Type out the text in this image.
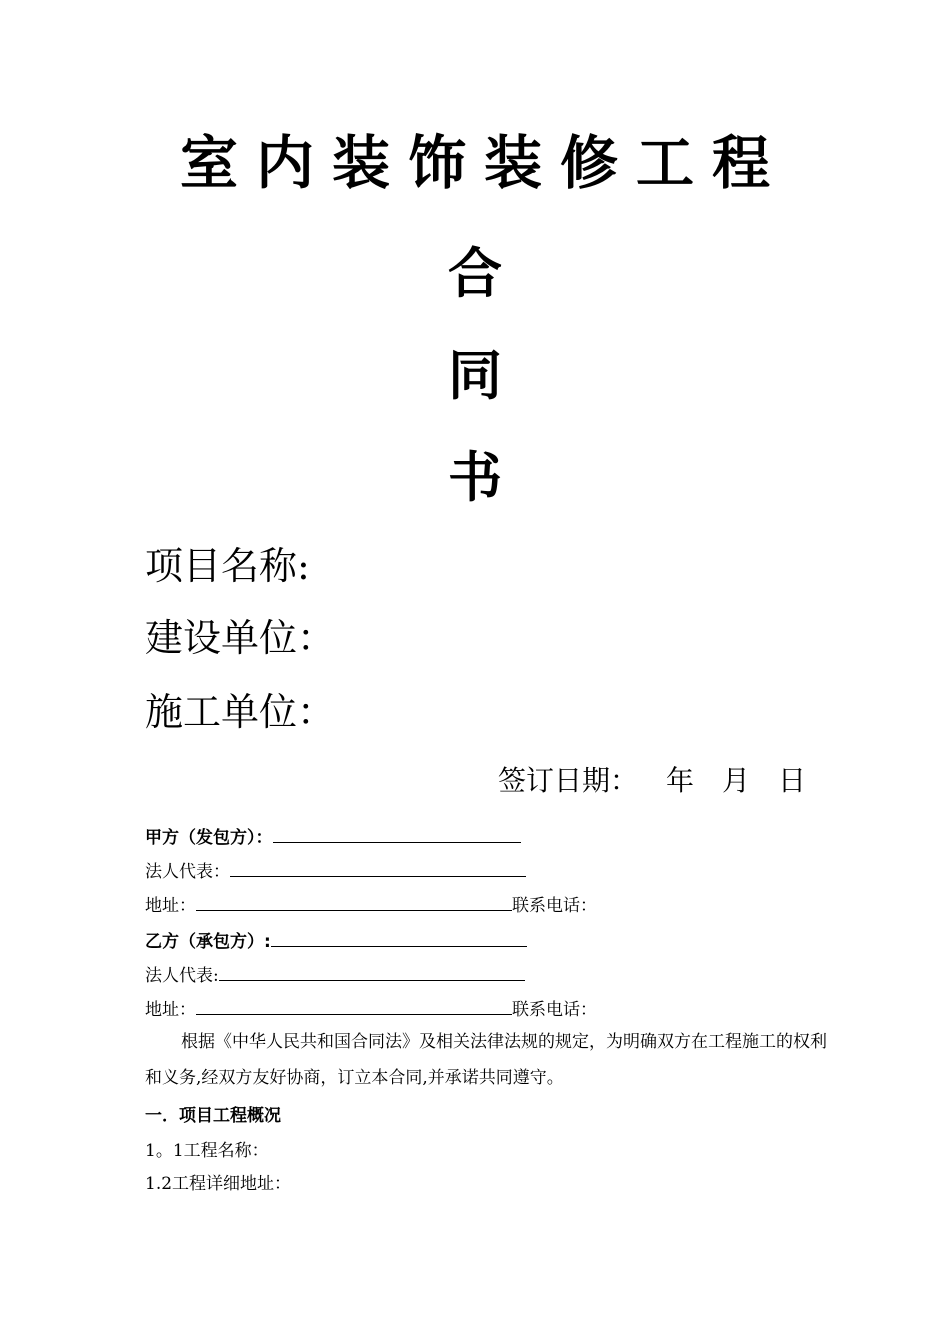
室内装饰装修工程
合
同
书
项目名称:
建设单位：
施工单位：
签订日期： 年 月 日
甲方（发包方）：
法人代表：
地址：	联系电话：
乙方（承包方）:
法人代表:
地址：	联系电话：
根据《中华人民共和国合同法》及相关法律法规的规定，为明确双方在工程施工的权利和义务,经双方友好协商，订立本合同,并承诺共同遵守。
一．项目工程概况
1。1工程名称：
1.2工程详细地址：
